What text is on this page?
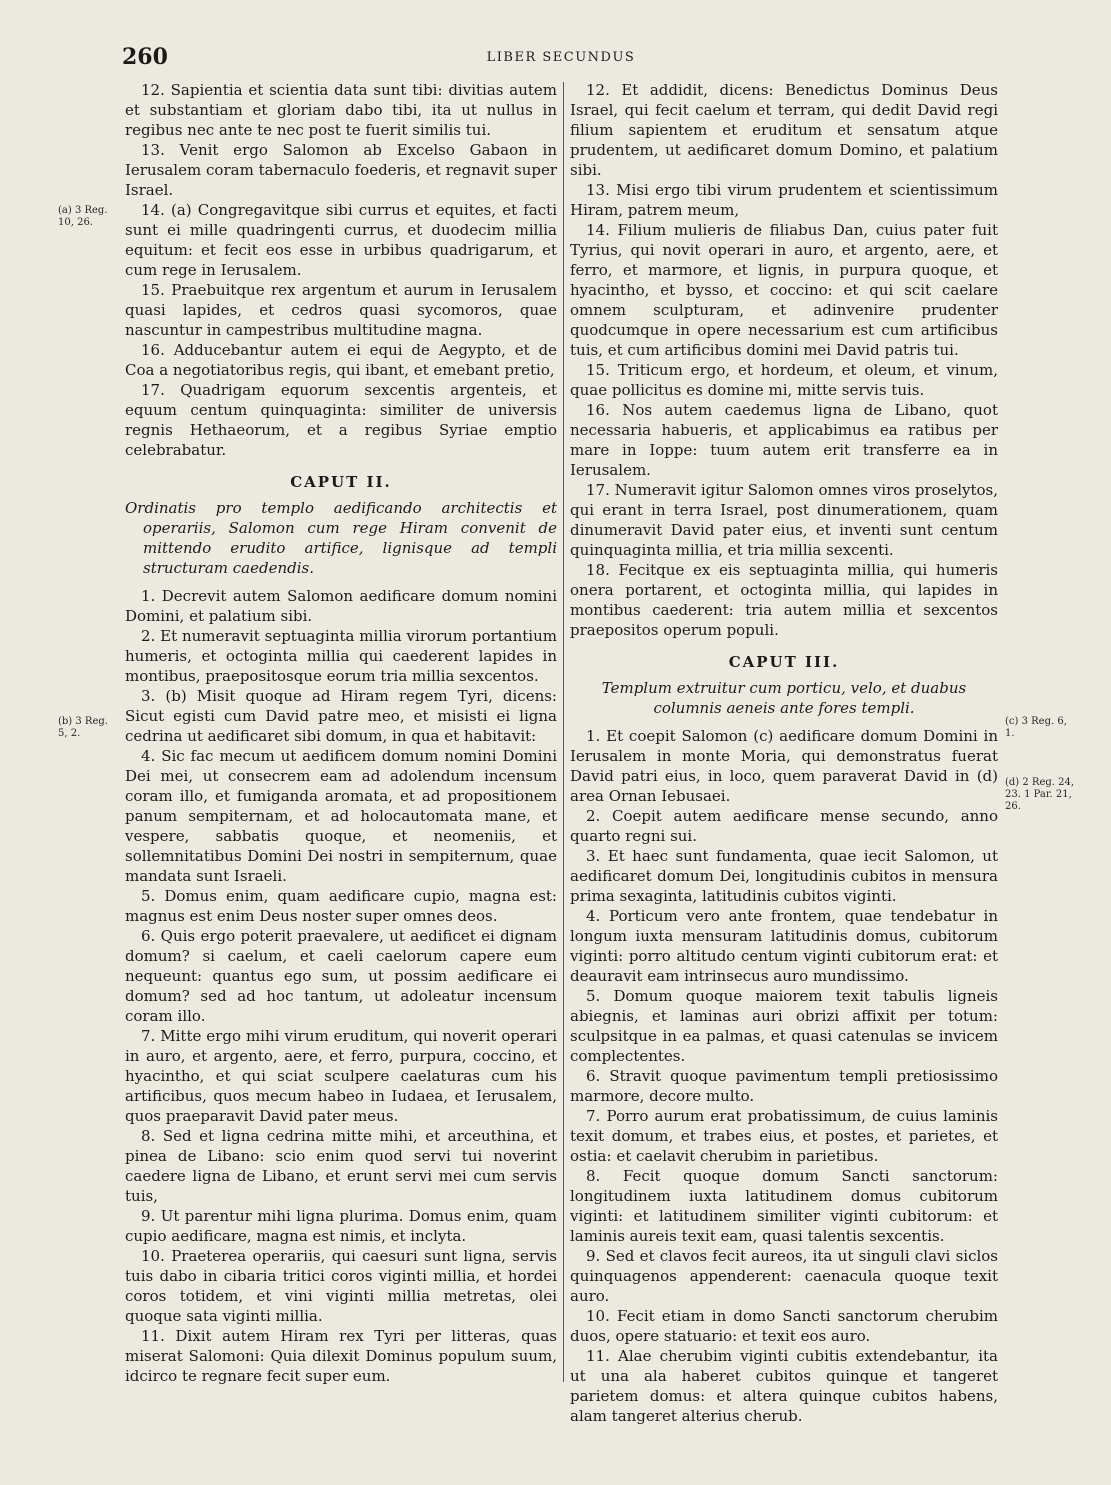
260	LIBER SECUNDUS
(a) 3 Reg. 10, 26.
(b) 3 Reg. 5, 2.
(c) 3 Reg. 6, 1.
(d) 2 Reg. 24, 23. 1 Par. 21, 26.

12. Sapientia et scientia data sunt tibi: divitias autem et substantiam et gloriam dabo tibi, ita ut nullus in regibus nec ante te nec post te fuerit similis tui.

13. Venit ergo Salomon ab Excelso Gabaon in Ierusalem coram tabernaculo foederis, et regnavit super Israel.

14. (a) Congregavitque sibi currus et equites, et facti sunt ei mille quadringenti currus, et duodecim millia equitum: et fecit eos esse in urbibus quadrigarum, et cum rege in Ierusalem.

15. Praebuitque rex argentum et aurum in Ierusalem quasi lapides, et cedros quasi sycomoros, quae nascuntur in campestribus multitudine magna.

16. Adducebantur autem ei equi de Aegypto, et de Coa a negotiatoribus regis, qui ibant, et emebant pretio,

17. Quadrigam equorum sexcentis argenteis, et equum centum quinquaginta: similiter de universis regnis Hethaeorum, et a regibus Syriae emptio celebrabatur.

CAPUT II.

Ordinatis pro templo aedificando architectis et operariis, Salomon cum rege Hiram convenit de mittendo erudito artifice, lignisque ad templi structuram caedendis.

1. Decrevit autem Salomon aedificare domum nomini Domini, et palatium sibi.

2. Et numeravit septuaginta millia virorum portantium humeris, et octoginta millia qui caederent lapides in montibus, praepositosque eorum tria millia sexcentos.

3. (b) Misit quoque ad Hiram regem Tyri, dicens: Sicut egisti cum David patre meo, et misisti ei ligna cedrina ut aedificaret sibi domum, in qua et habitavit:

4. Sic fac mecum ut aedificem domum nomini Domini Dei mei, ut consecrem eam ad adolendum incensum coram illo, et fumiganda aromata, et ad propositionem panum sempiternam, et ad holocautomata mane, et vespere, sabbatis quoque, et neomeniis, et sollemnitatibus Domini Dei nostri in sempiternum, quae mandata sunt Israeli.

5. Domus enim, quam aedificare cupio, magna est: magnus est enim Deus noster super omnes deos.

6. Quis ergo poterit praevalere, ut aedificet ei dignam domum? si caelum, et caeli caelorum capere eum nequeunt: quantus ego sum, ut possim aedificare ei domum? sed ad hoc tantum, ut adoleatur incensum coram illo.

7. Mitte ergo mihi virum eruditum, qui noverit operari in auro, et argento, aere, et ferro, purpura, coccino, et hyacintho, et qui sciat sculpere caelaturas cum his artificibus, quos mecum habeo in Iudaea, et Ierusalem, quos praeparavit David pater meus.

8. Sed et ligna cedrina mitte mihi, et arceuthina, et pinea de Libano: scio enim quod servi tui noverint caedere ligna de Libano, et erunt servi mei cum servis tuis,

9. Ut parentur mihi ligna plurima. Domus enim, quam cupio aedificare, magna est nimis, et inclyta.

10. Praeterea operariis, qui caesuri sunt ligna, servis tuis dabo in cibaria tritici coros viginti millia, et hordei coros totidem, et vini viginti millia metretas, olei quoque sata viginti millia.

11. Dixit autem Hiram rex Tyri per litteras, quas miserat Salomoni: Quia dilexit Dominus populum suum, idcirco te regnare fecit super eum.

12. Et addidit, dicens: Benedictus Dominus Deus Israel, qui fecit caelum et terram, qui dedit David regi filium sapientem et eruditum et sensatum atque prudentem, ut aedificaret domum Domino, et palatium sibi.

13. Misi ergo tibi virum prudentem et scientissimum Hiram, patrem meum,

14. Filium mulieris de filiabus Dan, cuius pater fuit Tyrius, qui novit operari in auro, et argento, aere, et ferro, et marmore, et lignis, in purpura quoque, et hyacintho, et bysso, et coccino: et qui scit caelare omnem sculpturam, et adinvenire prudenter quodcumque in opere necessarium est cum artificibus tuis, et cum artificibus domini mei David patris tui.

15. Triticum ergo, et hordeum, et oleum, et vinum, quae pollicitus es domine mi, mitte servis tuis.

16. Nos autem caedemus ligna de Libano, quot necessaria habueris, et applicabimus ea ratibus per mare in Ioppe: tuum autem erit transferre ea in Ierusalem.

17. Numeravit igitur Salomon omnes viros proselytos, qui erant in terra Israel, post dinumerationem, quam dinumeravit David pater eius, et inventi sunt centum quinquaginta millia, et tria millia sexcenti.

18. Fecitque ex eis septuaginta millia, qui humeris onera portarent, et octoginta millia, qui lapides in montibus caederent: tria autem millia et sexcentos praepositos operum populi.

CAPUT III.

Templum extruitur cum porticu, velo, et duabus columnis aeneis ante fores templi.

1. Et coepit Salomon (c) aedificare domum Domini in Ierusalem in monte Moria, qui demonstratus fuerat David patri eius, in loco, quem paraverat David in (d) area Ornan Iebusaei.

2. Coepit autem aedificare mense secundo, anno quarto regni sui.

3. Et haec sunt fundamenta, quae iecit Salomon, ut aedificaret domum Dei, longitudinis cubitos in mensura prima sexaginta, latitudinis cubitos viginti.

4. Porticum vero ante frontem, quae tendebatur in longum iuxta mensuram latitudinis domus, cubitorum viginti: porro altitudo centum viginti cubitorum erat: et deauravit eam intrinsecus auro mundissimo.

5. Domum quoque maiorem texit tabulis ligneis abiegnis, et laminas auri obrizi affixit per totum: sculpsitque in ea palmas, et quasi catenulas se invicem complectentes.

6. Stravit quoque pavimentum templi pretiosissimo marmore, decore multo.

7. Porro aurum erat probatissimum, de cuius laminis texit domum, et trabes eius, et postes, et parietes, et ostia: et caelavit cherubim in parietibus.

8. Fecit quoque domum Sancti sanctorum: longitudinem iuxta latitudinem domus cubitorum viginti: et latitudinem similiter viginti cubitorum: et laminis aureis texit eam, quasi talentis sexcentis.

9. Sed et clavos fecit aureos, ita ut singuli clavi siclos quinquagenos appenderent: caenacula quoque texit auro.

10. Fecit etiam in domo Sancti sanctorum cherubim duos, opere statuario: et texit eos auro.

11. Alae cherubim viginti cubitis extendebantur, ita ut una ala haberet cubitos quinque et tangeret parietem domus: et altera quinque cubitos habens, alam tangeret alterius cherub.
